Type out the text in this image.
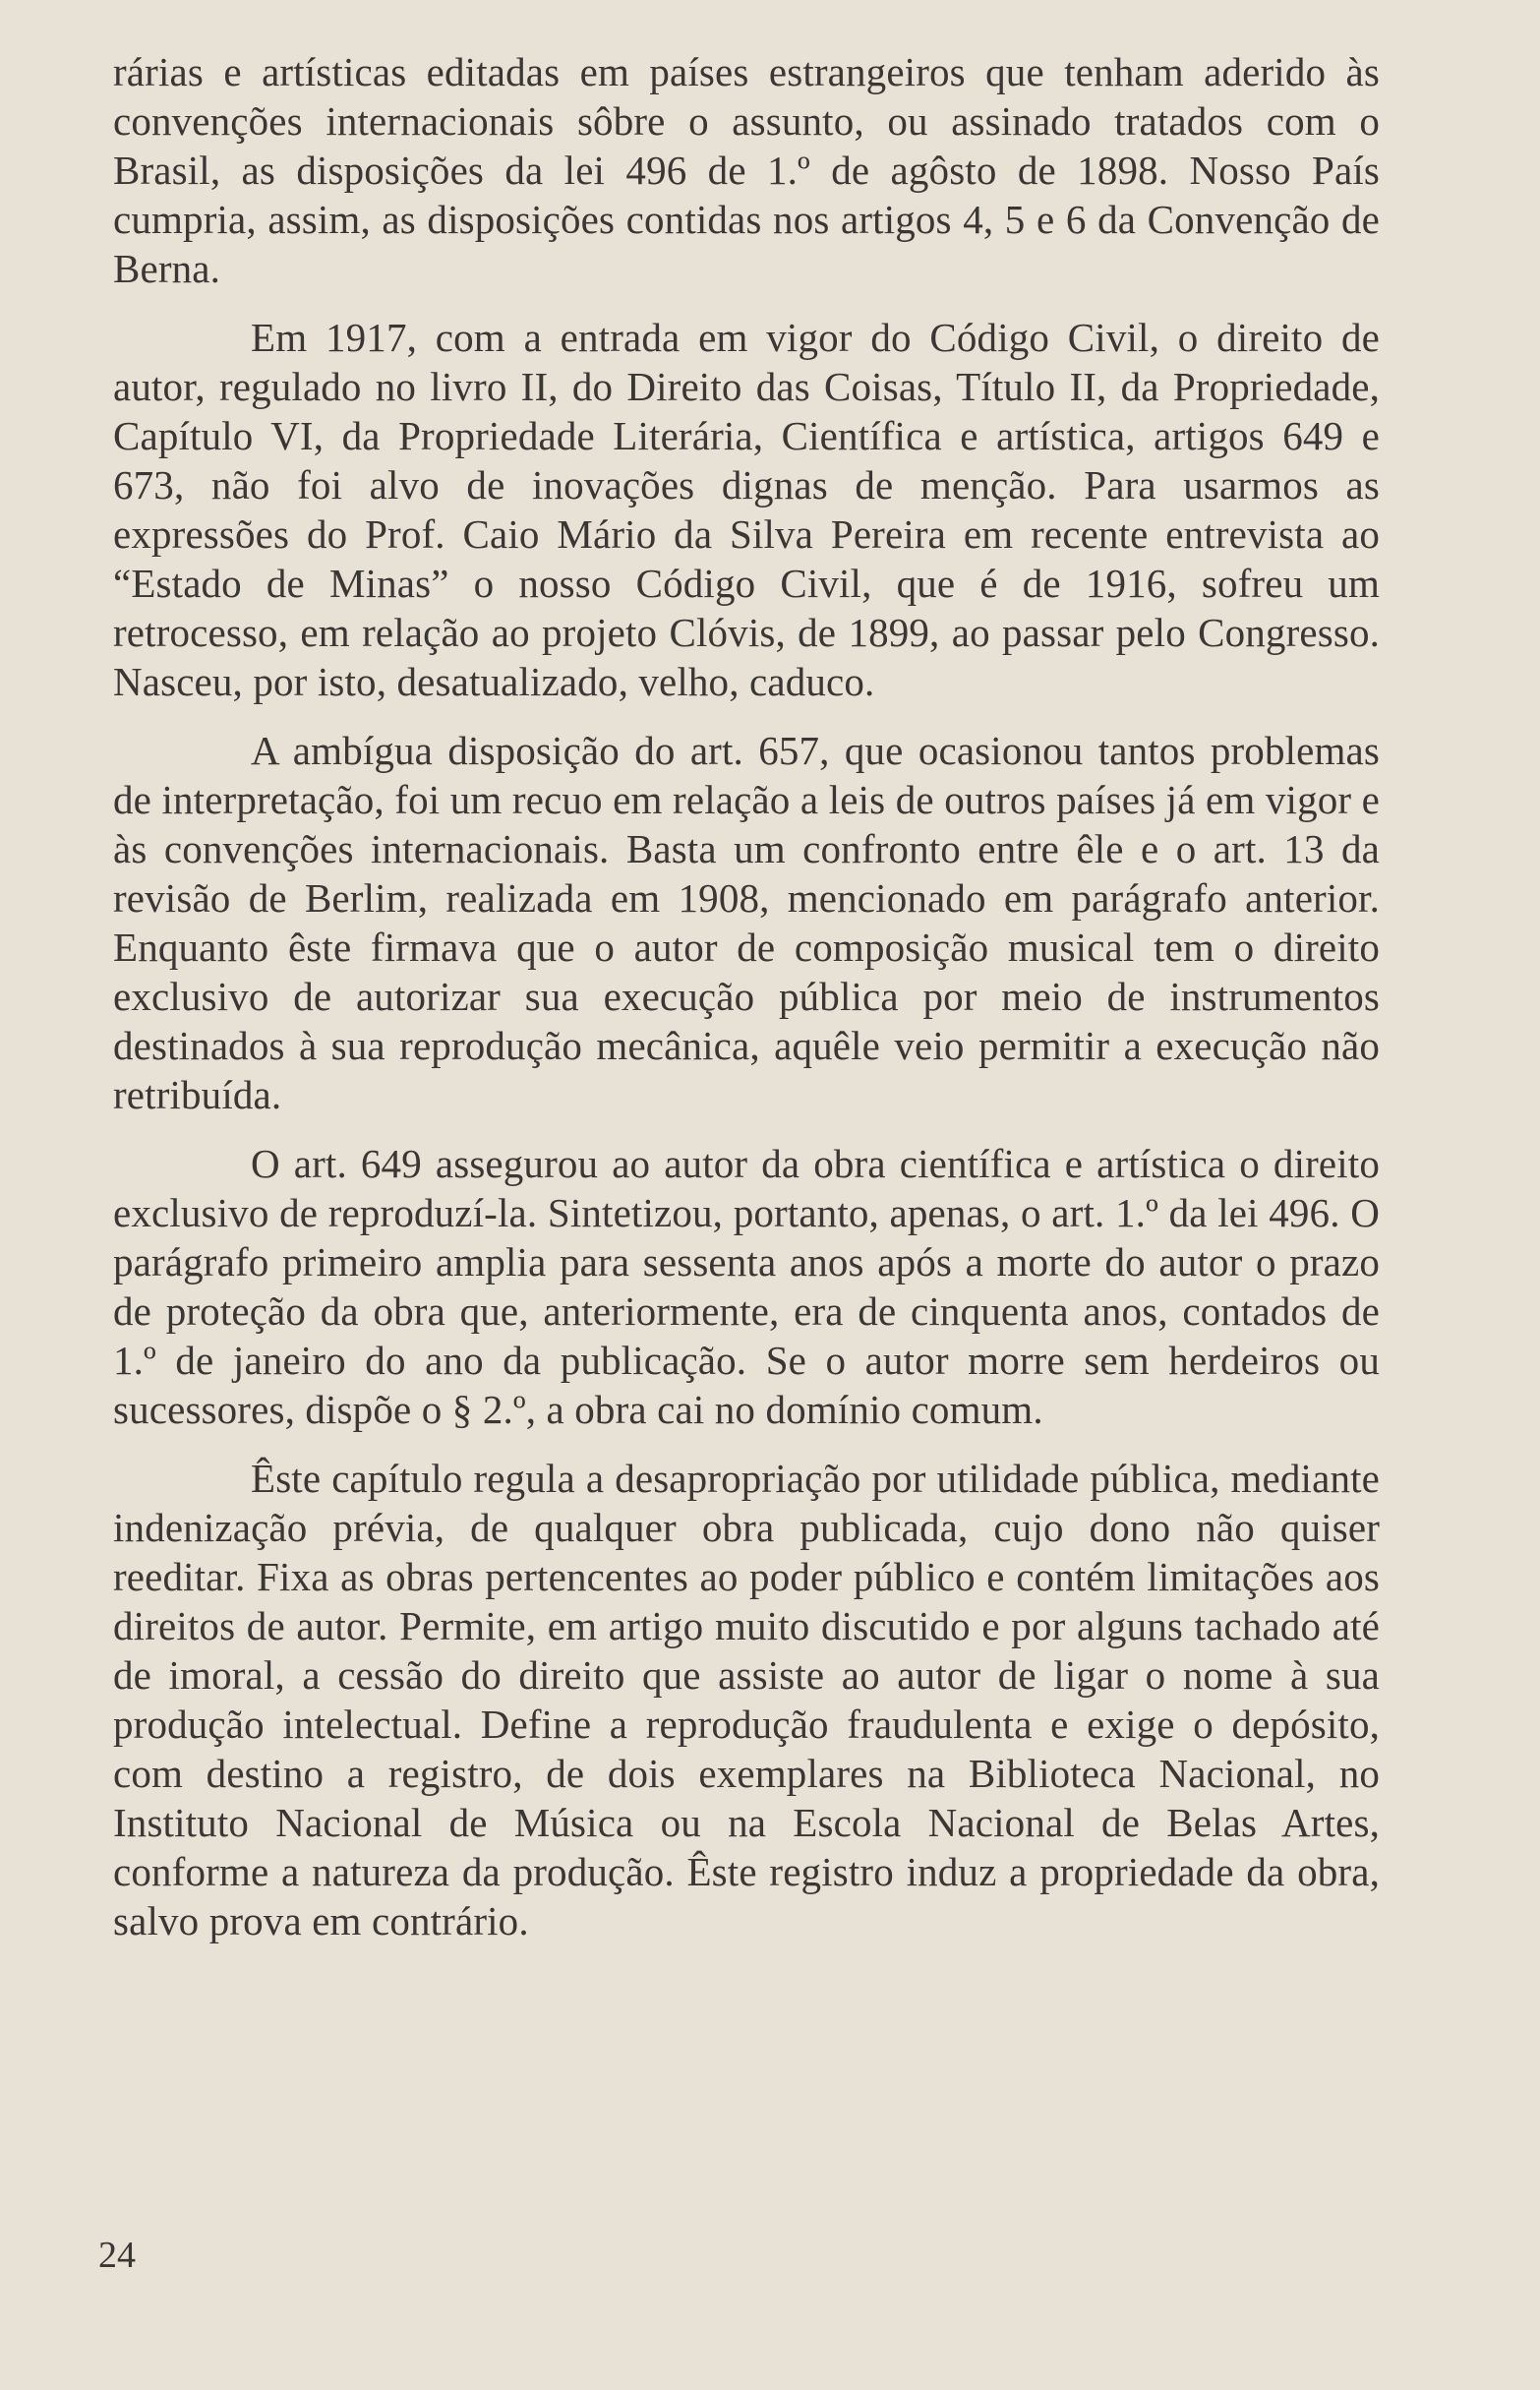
rárias e artísticas editadas em países estrangeiros que tenham aderido às convenções internacionais sôbre o assunto, ou assinado tratados com o Brasil, as disposições da lei 496 de 1.º de agôsto de 1898. Nosso País cumpria, assim, as disposições contidas nos artigos 4, 5 e 6 da Convenção de Berna.

Em 1917, com a entrada em vigor do Código Civil, o direito de autor, regulado no livro II, do Direito das Coisas, Título II, da Propriedade, Capítulo VI, da Propriedade Literária, Científica e artística, artigos 649 e 673, não foi alvo de inovações dignas de menção. Para usarmos as expressões do Prof. Caio Mário da Silva Pereira em recente entrevista ao “Estado de Minas” o nosso Código Civil, que é de 1916, sofreu um retrocesso, em relação ao projeto Clóvis, de 1899, ao passar pelo Congresso. Nasceu, por isto, desatualizado, velho, caduco.

A ambígua disposição do art. 657, que ocasionou tantos problemas de interpretação, foi um recuo em relação a leis de outros países já em vigor e às convenções internacionais. Basta um confronto entre êle e o art. 13 da revisão de Berlim, realizada em 1908, mencionado em parágrafo anterior. Enquanto êste firmava que o autor de composição musical tem o direito exclusivo de autorizar sua execução pública por meio de instrumentos destinados à sua reprodução mecânica, aquêle veio permitir a execução não retribuída.

O art. 649 assegurou ao autor da obra científica e artística o direito exclusivo de reproduzí-la. Sintetizou, portanto, apenas, o art. 1.º da lei 496. O parágrafo primeiro amplia para sessenta anos após a morte do autor o prazo de proteção da obra que, anteriormente, era de cinquenta anos, contados de 1.º de janeiro do ano da publicação. Se o autor morre sem herdeiros ou sucessores, dispõe o § 2.º, a obra cai no domínio comum.

Êste capítulo regula a desapropriação por utilidade pública, mediante indenização prévia, de qualquer obra publicada, cujo dono não quiser reeditar. Fixa as obras pertencentes ao poder público e contém limitações aos direitos de autor. Permite, em artigo muito discutido e por alguns tachado até de imoral, a cessão do direito que assiste ao autor de ligar o nome à sua produção intelectual. Define a reprodução fraudulenta e exige o depósito, com destino a registro, de dois exemplares na Biblioteca Nacional, no Instituto Nacional de Música ou na Escola Nacional de Belas Artes, conforme a natureza da produção. Êste registro induz a propriedade da obra, salvo prova em contrário.

24
